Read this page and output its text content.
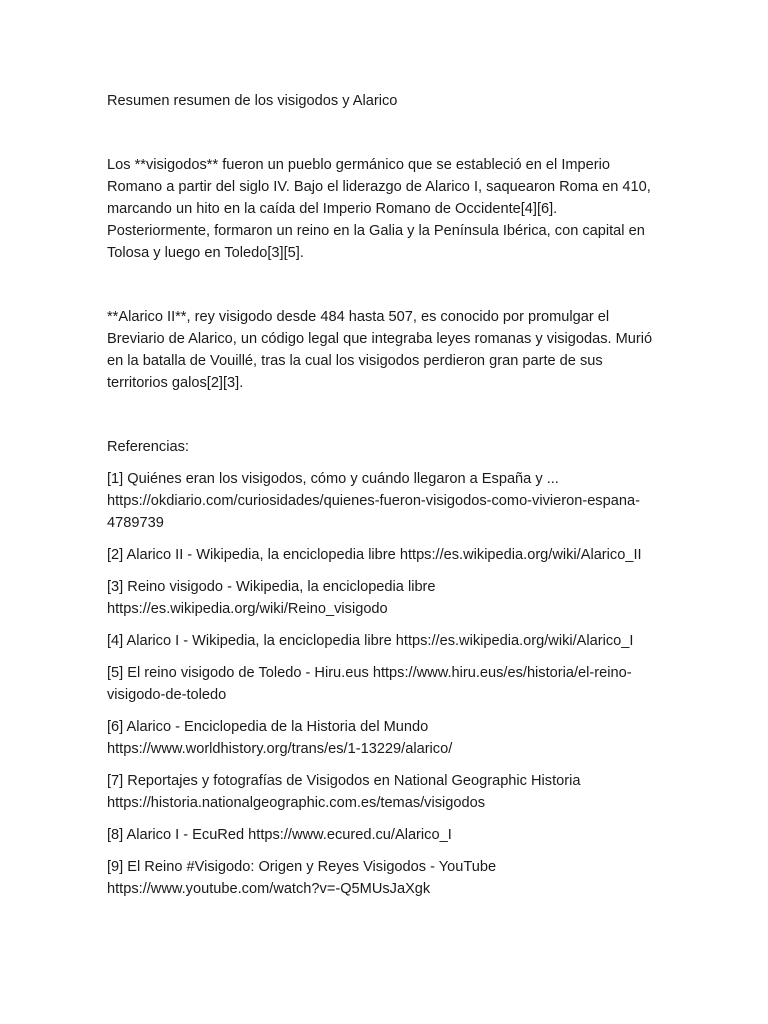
Resumen resumen de los visigodos y Alarico

Los **visigodos** fueron un pueblo germánico que se estableció en el Imperio Romano a partir del siglo IV. Bajo el liderazgo de Alarico I, saquearon Roma en 410, marcando un hito en la caída del Imperio Romano de Occidente[4][6]. Posteriormente, formaron un reino en la Galia y la Península Ibérica, con capital en Tolosa y luego en Toledo[3][5].

**Alarico II**, rey visigodo desde 484 hasta 507, es conocido por promulgar el Breviario de Alarico, un código legal que integraba leyes romanas y visigodas. Murió en la batalla de Vouillé, tras la cual los visigodos perdieron gran parte de sus territorios galos[2][3].

Referencias:

[1] Quiénes eran los visigodos, cómo y cuándo llegaron a España y ... https://okdiario.com/curiosidades/quienes-fueron-visigodos-como-vivieron-espana-4789739

[2] Alarico II - Wikipedia, la enciclopedia libre https://es.wikipedia.org/wiki/Alarico_II

[3] Reino visigodo - Wikipedia, la enciclopedia libre https://es.wikipedia.org/wiki/Reino_visigodo

[4] Alarico I - Wikipedia, la enciclopedia libre https://es.wikipedia.org/wiki/Alarico_I

[5] El reino visigodo de Toledo - Hiru.eus https://www.hiru.eus/es/historia/el-reino-visigodo-de-toledo

[6] Alarico - Enciclopedia de la Historia del Mundo https://www.worldhistory.org/trans/es/1-13229/alarico/

[7] Reportajes y fotografías de Visigodos en National Geographic Historia https://historia.nationalgeographic.com.es/temas/visigodos

[8] Alarico I - EcuRed https://www.ecured.cu/Alarico_I

[9] El Reino #Visigodo: Origen y Reyes Visigodos - YouTube https://www.youtube.com/watch?v=-Q5MUsJaXgk
